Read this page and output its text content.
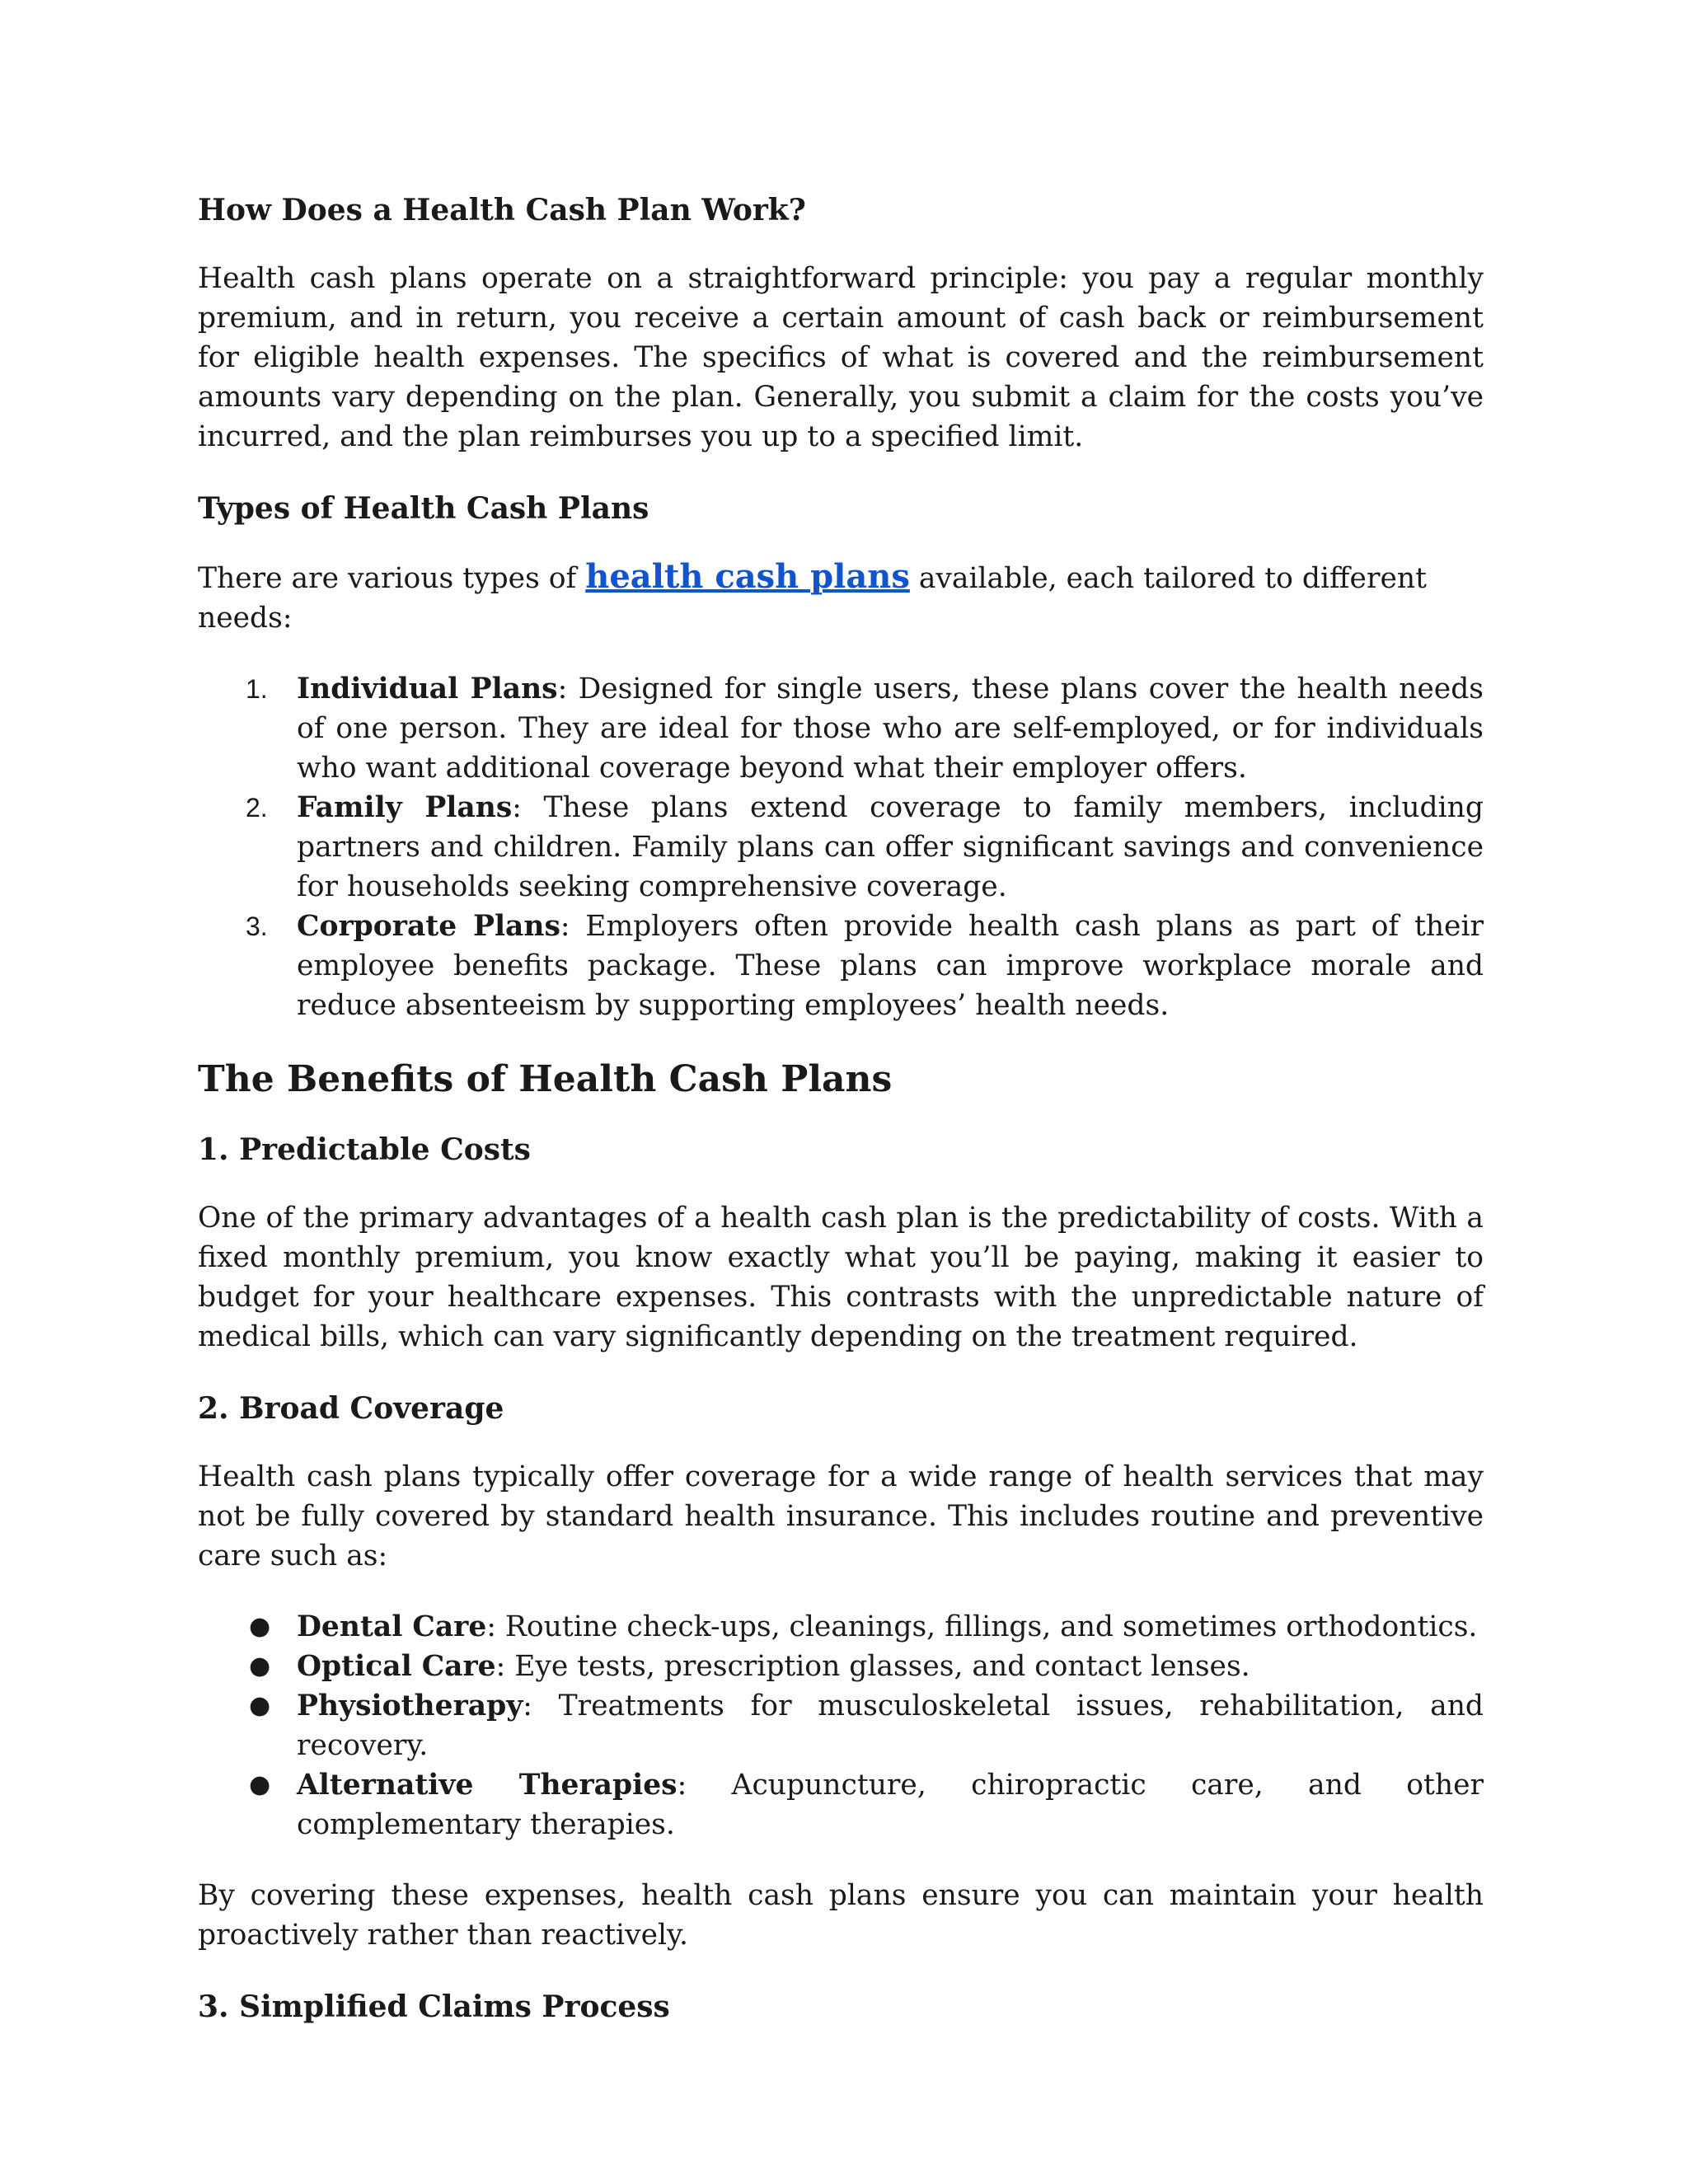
How Does a Health Cash Plan Work?

Health cash plans operate on a straightforward principle: you pay a regular monthly premium, and in return, you receive a certain amount of cash back or reimbursement for eligible health expenses. The specifics of what is covered and the reimbursement amounts vary depending on the plan. Generally, you submit a claim for the costs you’ve incurred, and the plan reimburses you up to a specified limit.

Types of Health Cash Plans

There are various types of health cash plans available, each tailored to different needs:

1. Individual Plans: Designed for single users, these plans cover the health needs of one person. They are ideal for those who are self-employed, or for individuals who want additional coverage beyond what their employer offers.
2. Family Plans: These plans extend coverage to family members, including partners and children. Family plans can offer significant savings and convenience for households seeking comprehensive coverage.
3. Corporate Plans: Employers often provide health cash plans as part of their employee benefits package. These plans can improve workplace morale and reduce absenteeism by supporting employees’ health needs.
The Benefits of Health Cash Plans
1. Predictable Costs

One of the primary advantages of a health cash plan is the predictability of costs. With a fixed monthly premium, you know exactly what you’ll be paying, making it easier to budget for your healthcare expenses. This contrasts with the unpredictable nature of medical bills, which can vary significantly depending on the treatment required.

2. Broad Coverage

Health cash plans typically offer coverage for a wide range of health services that may not be fully covered by standard health insurance. This includes routine and preventive care such as:

● Dental Care: Routine check-ups, cleanings, fillings, and sometimes orthodontics.
● Optical Care: Eye tests, prescription glasses, and contact lenses.
● Physiotherapy: Treatments for musculoskeletal issues, rehabilitation, and recovery.
● Alternative Therapies: Acupuncture, chiropractic care, and other complementary therapies.

By covering these expenses, health cash plans ensure you can maintain your health proactively rather than reactively.

3. Simplified Claims Process
